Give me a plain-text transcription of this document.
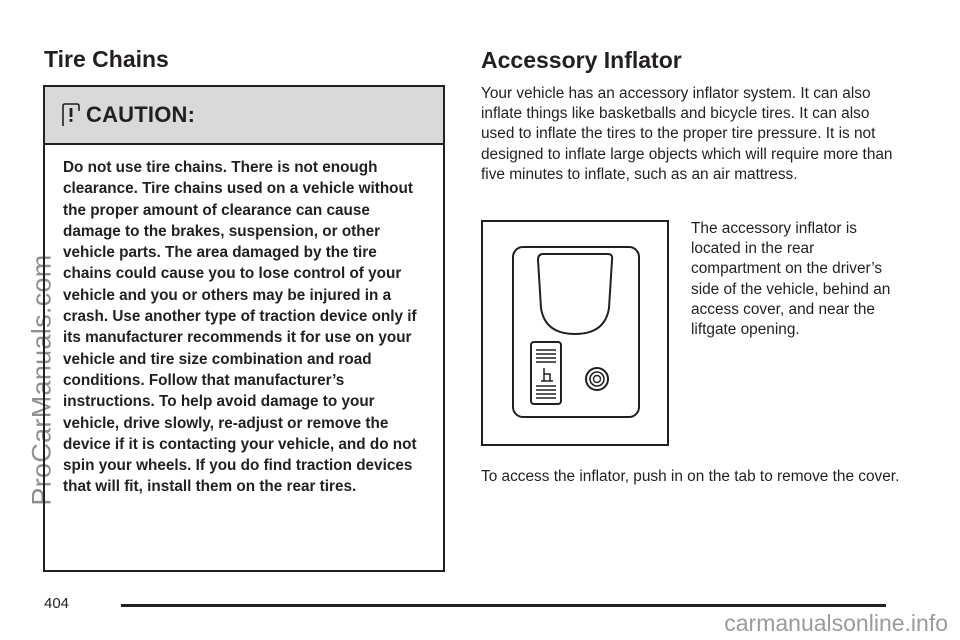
ProCarManuals.com
Tire Chains
CAUTION:

Do not use tire chains. There is not enough clearance. Tire chains used on a vehicle without the proper amount of clearance can cause damage to the brakes, suspension, or other vehicle parts. The area damaged by the tire chains could cause you to lose control of your vehicle and you or others may be injured in a crash. Use another type of traction device only if its manufacturer recommends it for use on your vehicle and tire size combination and road conditions. Follow that manufacturer’s instructions. To help avoid damage to your vehicle, drive slowly, re-adjust or remove the device if it is contacting your vehicle, and do not spin your wheels. If you do find traction devices that will fit, install them on the rear tires.

Accessory Inflator

Your vehicle has an accessory inflator system. It can also inflate things like basketballs and bicycle tires. It can also used to inflate the tires to the proper tire pressure. It is not designed to inflate large objects which will require more than five minutes to inflate, such as an air mattress.

The accessory inflator is located in the rear compartment on the driver’s side of the vehicle, behind an access cover, and near the liftgate opening.

To access the inflator, push in on the tab to remove the cover.

404
carmanualsonline.info
